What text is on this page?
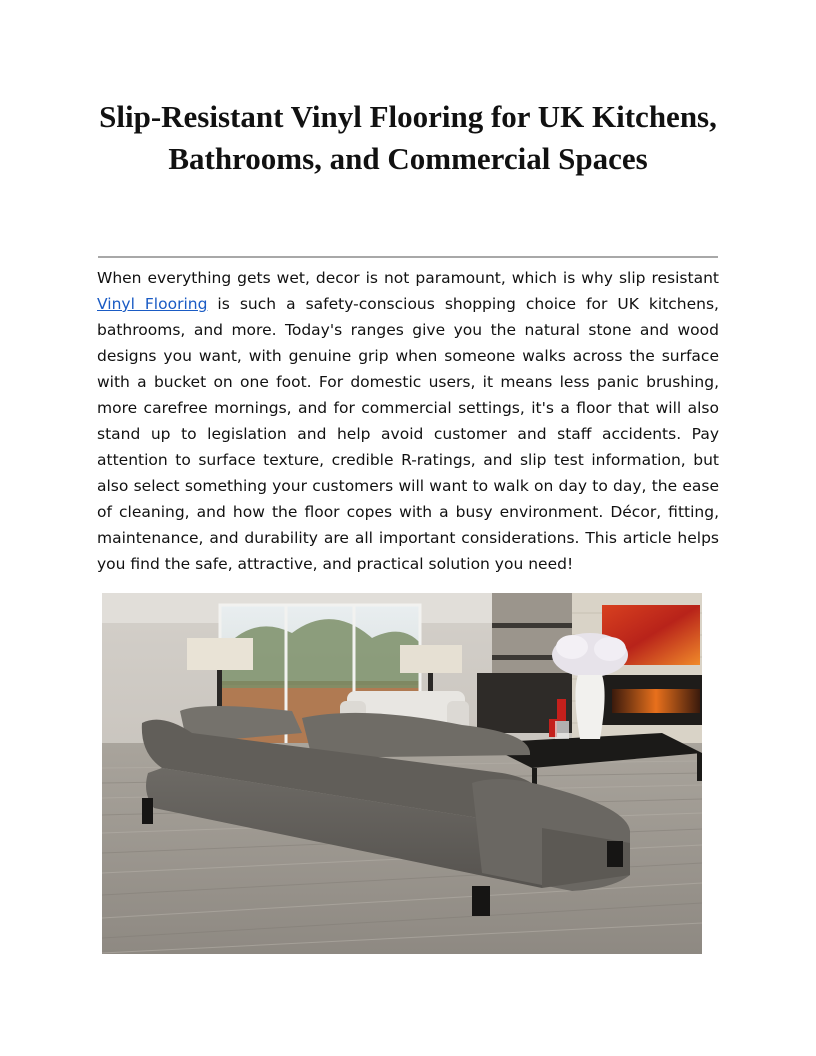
Slip-Resistant Vinyl Flooring for UK Kitchens, Bathrooms, and Commercial Spaces

When everything gets wet, decor is not paramount, which is why slip resistant Vinyl Flooring is such a safety-conscious shopping choice for UK kitchens, bathrooms, and more. Today's ranges give you the natural stone and wood designs you want, with genuine grip when someone walks across the surface with a bucket on one foot. For domestic users, it means less panic brushing, more carefree mornings, and for commercial settings, it's a floor that will also stand up to legislation and help avoid customer and staff accidents. Pay attention to surface texture, credible R-ratings, and slip test information, but also select something your customers will want to walk on day to day, the ease of cleaning, and how the floor copes with a busy environment. Décor, fitting, maintenance, and durability are all important considerations. This article helps you find the safe, attractive, and practical solution you need!
